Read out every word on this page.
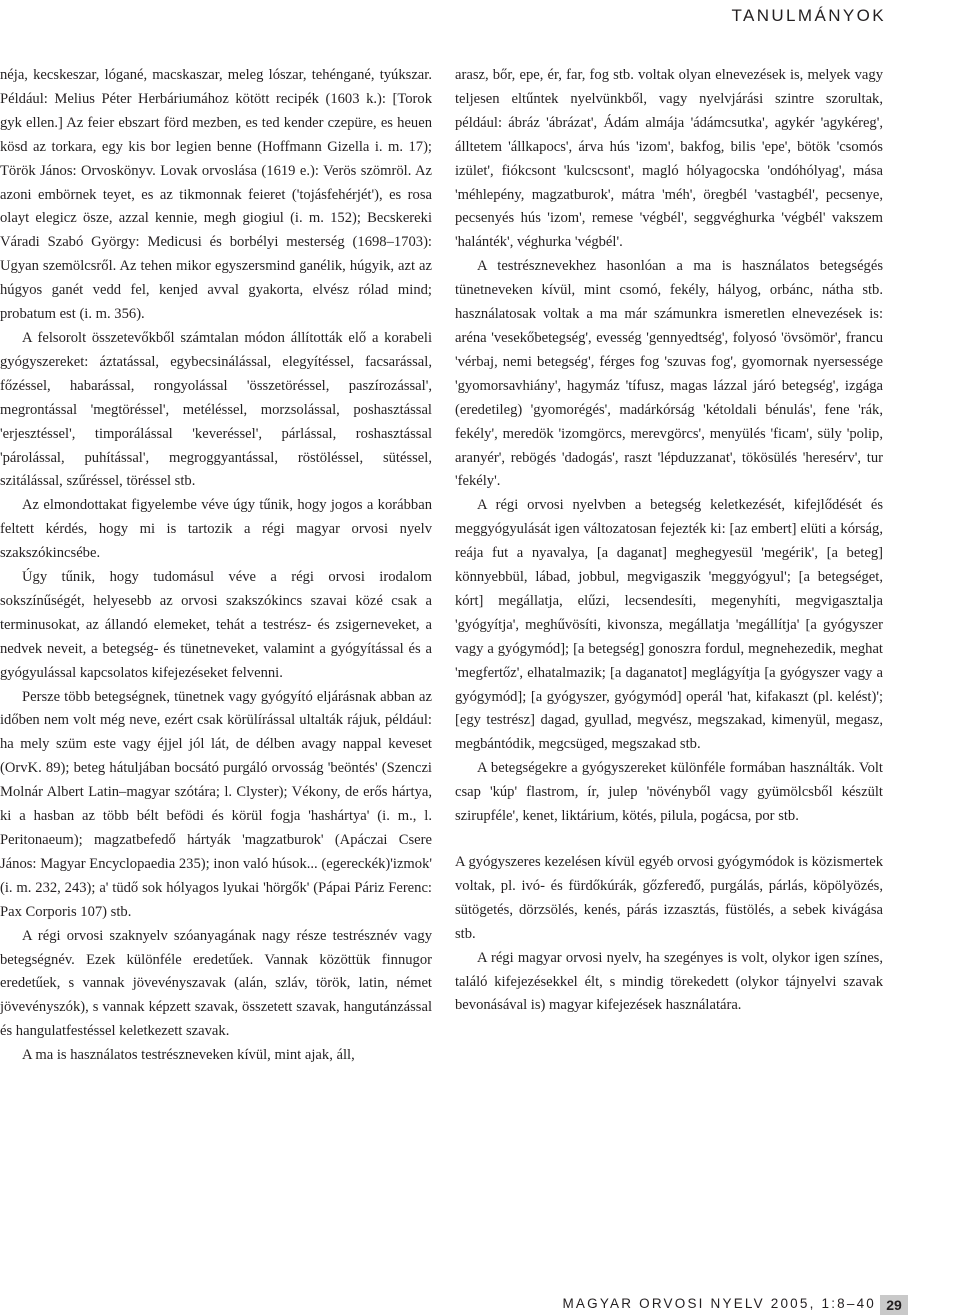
TANULMÁNYOK

néja, kecskeszar, lógané, macskaszar, meleg lószar, tehéngané, tyúkszar. Például: Melius Péter Herbáriumához kötött recipék (1603 k.): [Torok gyk ellen.] Az feier ebszart förd mezben, es ted kender czepüre, es heuen kösd az torkara, egy kis bor legien benne (Hoffmann Gizella i. m. 17); Török János: Orvoskönyv. Lovak orvoslása (1619 e.): Verös szömröl. Az azoni embörnek teyet, es az tikmonnak feieret ('tojásfehérjét'), es rosa olayt elegicz ösze, azzal kennie, megh giogiul (i. m. 152); Becskereki Váradi Szabó György: Medicusi és borbélyi mesterség (1698–1703): Ugyan szemölcsről. Az tehen mikor egyszersmind ganélik, húgyik, azt az húgyos ganét vedd fel, kenjed avval gyakorta, elvész rólad mind; probatum est (i. m. 356).

A felsorolt összetevőkből számtalan módon állították elő a korabeli gyógyszereket: áztatással, egybecsinálással, elegyítéssel, facsarással, főzéssel, habarással, rongyolással 'összetöréssel, paszírozással', megrontással 'megtöréssel', metéléssel, morzsolással, poshasztással 'erjesztéssel', timporálással 'keveréssel', párlással, roshasztással 'párolással, puhítással', megroggyantással, röstöléssel, sütéssel, szitálással, szűréssel, töréssel stb.

Az elmondottakat figyelembe véve úgy tűnik, hogy jogos a korábban feltett kérdés, hogy mi is tartozik a régi magyar orvosi nyelv szakszókincsébe.

Úgy tűnik, hogy tudomásul véve a régi orvosi irodalom sokszínűségét, helyesebb az orvosi szakszókincs szavai közé csak a terminusokat, az állandó elemeket, tehát a testrész- és zsigerneveket, a nedvek neveit, a betegség- és tünetneveket, valamint a gyógyítással és a gyógyulással kapcsolatos kifejezéseket felvenni.

Persze több betegségnek, tünetnek vagy gyógyító eljárásnak abban az időben nem volt még neve, ezért csak körülírással ultalták rájuk, például: ha mely szüm este vagy éjjel jól lát, de délben avagy nappal keveset (OrvK. 89); beteg hátuljában bocsátó purgáló orvosság 'beöntés' (Szenczi Molnár Albert Latin–magyar szótára; l. Clyster); Vékony, de erős hártya, ki a hasban az több bélt befödi és körül fogja 'hashártya' (i. m., l. Peritonaeum); magzatbefedő hártyák 'magzatburok' (Apáczai Csere János: Magyar Encyclopaedia 235); inon való húsok... (egereckék)'izmok' (i. m. 232, 243); a' tüdő sok hólyagos lyukai 'hörgők' (Pápai Páriz Ferenc: Pax Corporis 107) stb.

A régi orvosi szaknyelv szóanyagának nagy része testrésznév vagy betegségnév. Ezek különféle eredetűek. Vannak közöttük finnugor eredetűek, s vannak jövevényszavak (alán, szláv, török, latin, német jövevényszók), s vannak képzett szavak, összetett szavak, hangutánzással és hangulatfestéssel keletkezett szavak.

A ma is használatos testrészneveken kívül, mint ajak, áll,

arasz, bőr, epe, ér, far, fog stb. voltak olyan elnevezések is, melyek vagy teljesen eltűntek nyelvünkből, vagy nyelvjárási szintre szorultak, például: ábráz 'ábrázat', Ádám almája 'ádámcsutka', agykér 'agykéreg', álltetem 'állkapocs', árva hús 'izom', bakfog, bilis 'epe', bötök 'csomós izület', fiókcsont 'kulcscsont', magló hólyagocska 'ondóhólyag', mása 'méhlepény, magzatburok', mátra 'méh', öregbél 'vastagbél', pecsenye, pecsenyés hús 'izom', remese 'végbél', seggvéghurka 'végbél' vakszem 'halánték', véghurka 'végbél'.

A testrésznevekhez hasonlóan a ma is használatos betegségés tünetneveken kívül, mint csomó, fekély, hályog, orbánc, nátha stb. használatosak voltak a ma már számunkra ismeretlen elnevezések is: aréna 'vesekőbetegség', evesség 'gennyedtség', folyosó 'övsömör', francu 'vérbaj, nemi betegség', férges fog 'szuvas fog', gyomornak nyersessége 'gyomorsavhiány', hagymáz 'tífusz, magas lázzal járó betegség', izgága (eredetileg) 'gyomorégés', madárkórság 'kétoldali bénulás', fene 'rák, fekély', meredök 'izomgörcs, merevgörcs', menyülés 'ficam', süly 'polip, aranyér', rebögés 'dadogás', raszt 'lépduzzanat', tökösülés 'heresérv', tur 'fekély'.

A régi orvosi nyelvben a betegség keletkezését, kifejlődését és meggyógyulását igen változatosan fejezték ki: [az embert] elüti a kórság, reája fut a nyavalya, [a daganat] meghegyesül 'megérik', [a beteg] könnyebbül, lábad, jobbul, megvigaszik 'meggyógyul'; [a betegséget, kórt] megállatja, elűzi, lecsendesíti, megenyhíti, megvigasztalja 'gyógyítja', meghűvösíti, kivonsza, megállatja 'megállítja' [a gyógyszer vagy a gyógymód]; [a betegség] gonoszra fordul, megnehezedik, meghat 'megfertőz', elhatalmazik; [a daganatot] meglágyítja [a gyógyszer vagy a gyógymód]; [a gyógyszer, gyógymód] operál 'hat, kifakaszt (pl. kelést)'; [egy testrész] dagad, gyullad, megvész, megszakad, kimenyül, megasz, megbántódik, megcsüged, megszakad stb.

A betegségekre a gyógyszereket különféle formában használták. Volt csap 'kúp' flastrom, ír, julep 'növényből vagy gyümölcsből készült szirupféle', kenet, liktárium, kötés, pilula, pogácsa, por stb.

A gyógyszeres kezelésen kívül egyéb orvosi gyógymódok is közismertek voltak, pl. ivó- és fürdőkúrák, gőzfeređő, purgálás, párlás, köpölyözés, sütögetés, dörzsölés, kenés, párás izzasztás, füstölés, a sebek kivágása stb.

A régi magyar orvosi nyelv, ha szegényes is volt, olykor igen színes, találó kifejezésekkel élt, s mindig törekedett (olykor tájnyelvi szavak bevonásával is) magyar kifejezések használatára.

MAGYAR ORVOSI NYELV 2005, 1:8–40 29
